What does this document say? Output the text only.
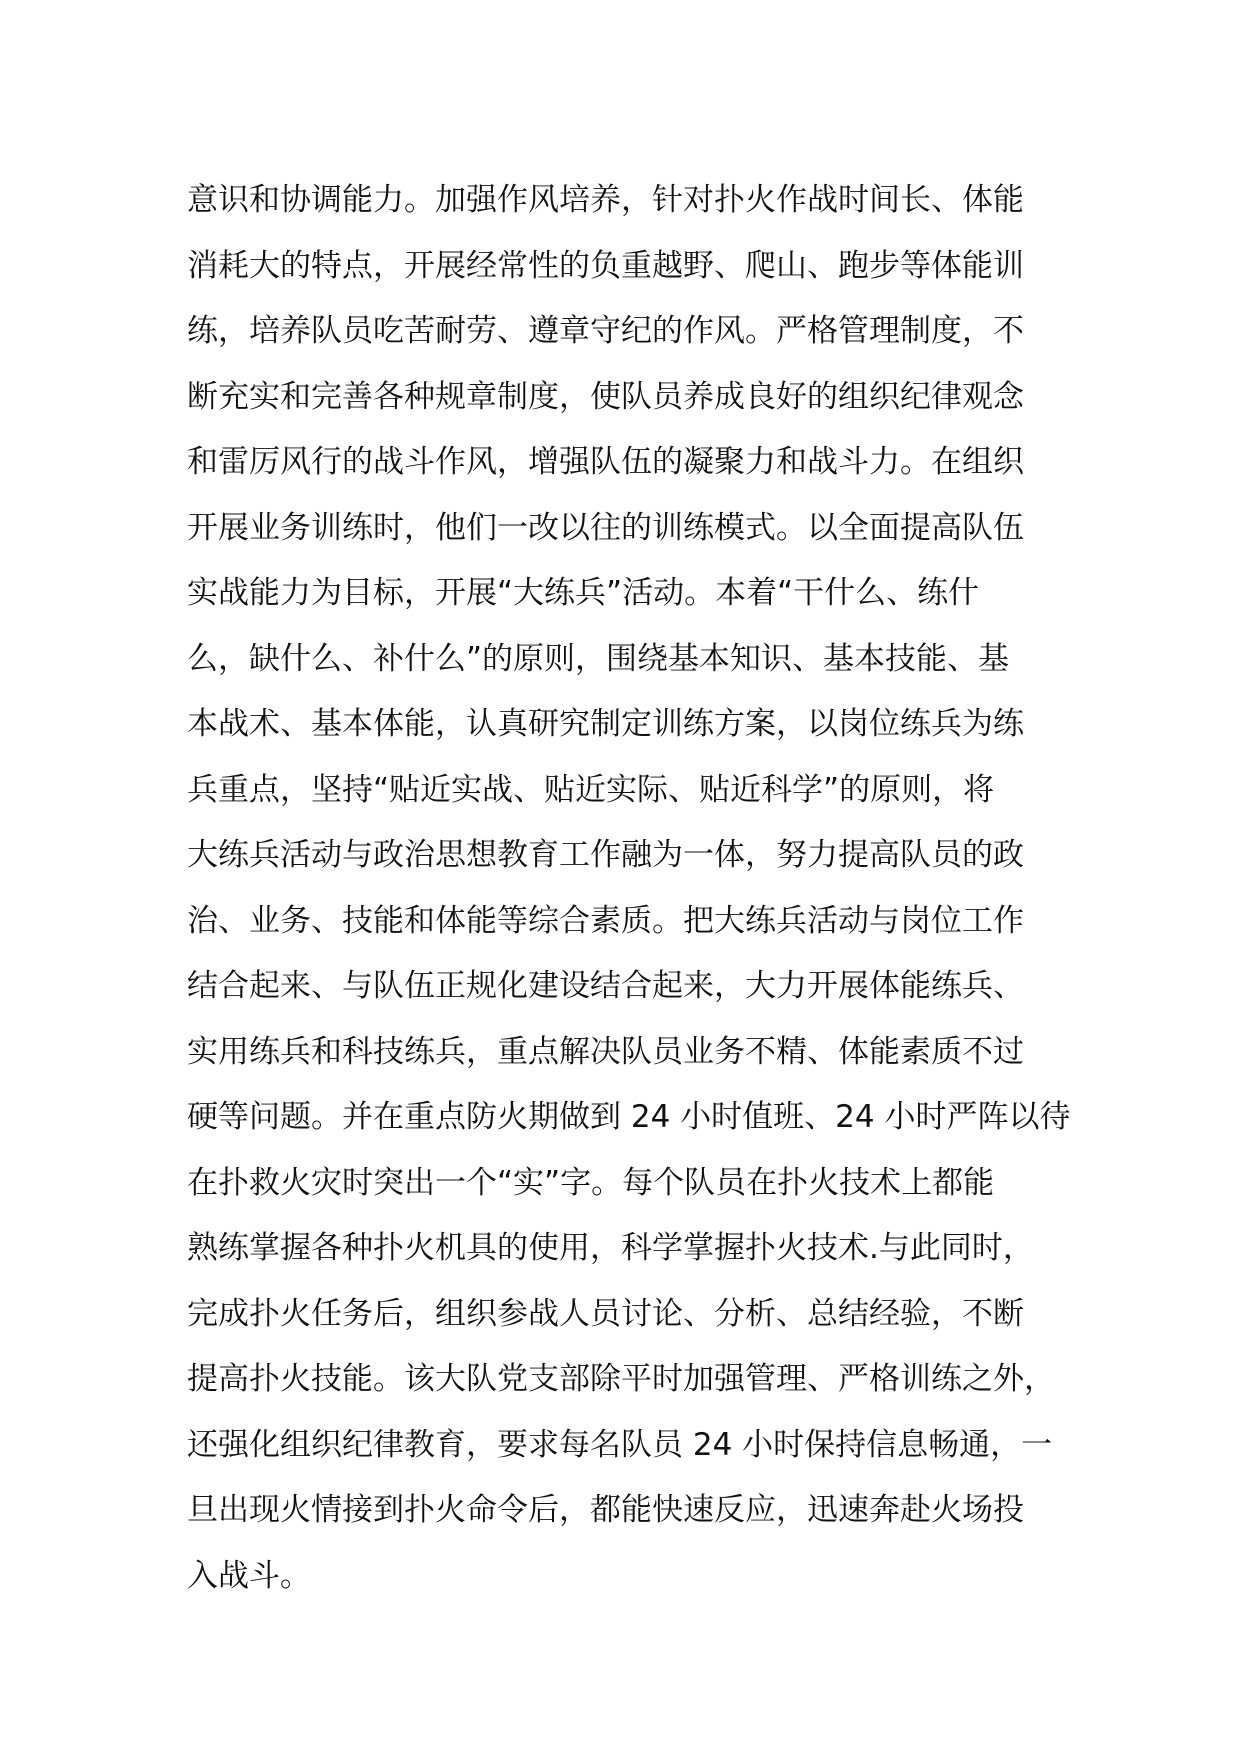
意识和协调能力。加强作风培养，针对扑火作战时间长、体能
消耗大的特点，开展经常性的负重越野、爬山、跑步等体能训
练，培养队员吃苦耐劳、遵章守纪的作风。严格管理制度，不
断充实和完善各种规章制度，使队员养成良好的组织纪律观念
和雷厉风行的战斗作风，增强队伍的凝聚力和战斗力。在组织
开展业务训练时，他们一改以往的训练模式。以全面提高队伍
实战能力为目标，开展“大练兵”活动。本着“干什么、练什
么，缺什么、补什么”的原则，围绕基本知识、基本技能、基
本战术、基本体能，认真研究制定训练方案，以岗位练兵为练
兵重点，坚持“贴近实战、贴近实际、贴近科学”的原则，将
大练兵活动与政治思想教育工作融为一体，努力提高队员的政
治、业务、技能和体能等综合素质。把大练兵活动与岗位工作
结合起来、与队伍正规化建设结合起来，大力开展体能练兵、
实用练兵和科技练兵，重点解决队员业务不精、体能素质不过
硬等问题。并在重点防火期做到 24 小时值班、24 小时严阵以待
在扑救火灾时突出一个“实”字。每个队员在扑火技术上都能
熟练掌握各种扑火机具的使用，科学掌握扑火技术.与此同时，
完成扑火任务后，组织参战人员讨论、分析、总结经验，不断
提高扑火技能。该大队党支部除平时加强管理、严格训练之外，
还强化组织纪律教育，要求每名队员 24 小时保持信息畅通，一
旦出现火情接到扑火命令后，都能快速反应，迅速奔赴火场投
入战斗。
